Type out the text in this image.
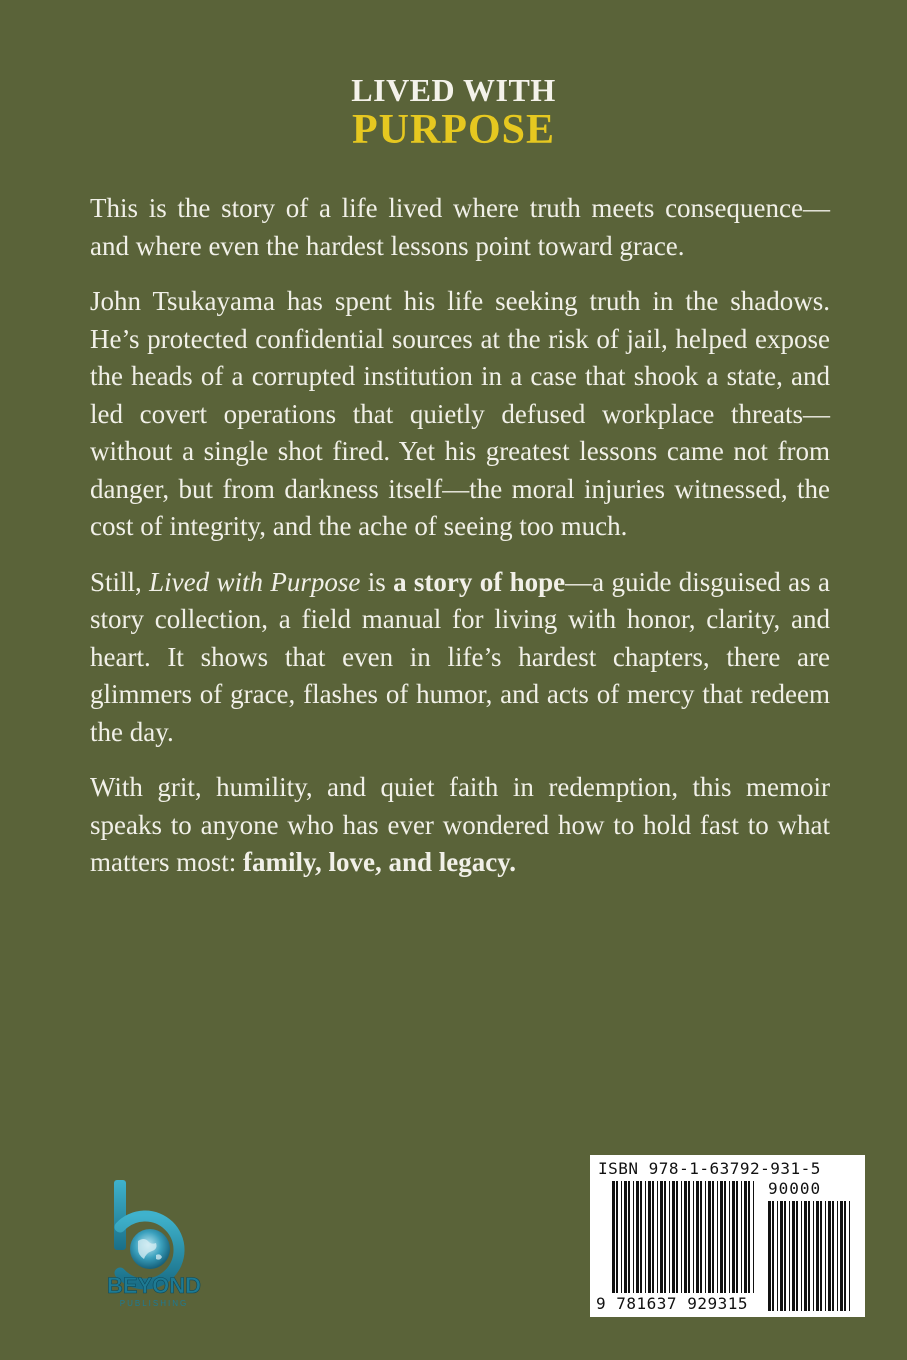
LIVED WITH
PURPOSE

This is the story of a life lived where truth meets consequence— and where even the hardest lessons point toward grace.

John Tsukayama has spent his life seeking truth in the shadows. He’s protected confidential sources at the risk of jail, helped expose the heads of a corrupted institution in a case that shook a state, and led covert operations that quietly defused workplace threats— without a single shot fired. Yet his greatest lessons came not from danger, but from darkness itself—the moral injuries witnessed, the cost of integrity, and the ache of seeing too much.

Still, Lived with Purpose is a story of hope—a guide disguised as a story collection, a field manual for living with honor, clarity, and heart. It shows that even in life’s hardest chapters, there are glimmers of grace, flashes of humor, and acts of mercy that redeem the day.

With grit, humility, and quiet faith in redemption, this memoir speaks to anyone who has ever wondered how to hold fast to what matters most: family, love, and legacy.

BEYOND
PUBLISHING
ISBN 978-1-63792-931-5
90000
9 781637 929315
